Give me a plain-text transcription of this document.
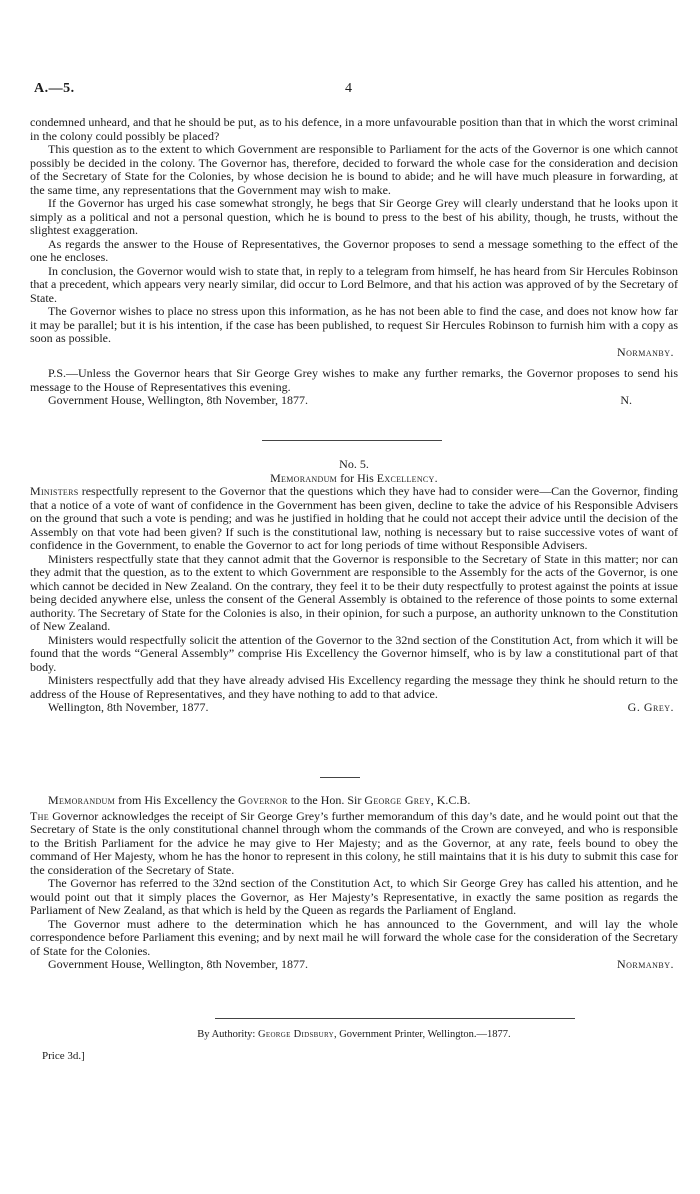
A.—5.	4

condemned unheard, and that he should be put, as to his defence, in a more unfavourable position than that in which the worst criminal in the colony could possibly be placed?

This question as to the extent to which Government are responsible to Parliament for the acts of the Governor is one which cannot possibly be decided in the colony. The Governor has, therefore, decided to forward the whole case for the consideration and decision of the Secretary of State for the Colonies, by whose decision he is bound to abide; and he will have much pleasure in forwarding, at the same time, any representations that the Government may wish to make.

If the Governor has urged his case somewhat strongly, he begs that Sir George Grey will clearly understand that he looks upon it simply as a political and not a personal question, which he is bound to press to the best of his ability, though, he trusts, without the slightest exaggeration.

As regards the answer to the House of Representatives, the Governor proposes to send a message something to the effect of the one he encloses.

In conclusion, the Governor would wish to state that, in reply to a telegram from himself, he has heard from Sir Hercules Robinson that a precedent, which appears very nearly similar, did occur to Lord Belmore, and that his action was approved of by the Secretary of State.

The Governor wishes to place no stress upon this information, as he has not been able to find the case, and does not know how far it may be parallel; but it is his intention, if the case has been published, to request Sir Hercules Robinson to furnish him with a copy as soon as possible.

Normanby.

P.S.—Unless the Governor hears that Sir George Grey wishes to make any further remarks, the Governor proposes to send his message to the House of Representatives this evening.

Government House, Wellington, 8th November, 1877.	N.

No. 5.

Memorandum for His Excellency.

Ministers respectfully represent to the Governor that the questions which they have had to consider were—Can the Governor, finding that a notice of a vote of want of confidence in the Government has been given, decline to take the advice of his Responsible Advisers on the ground that such a vote is pending; and was he justified in holding that he could not accept their advice until the decision of the Assembly on that vote had been given? If such is the constitutional law, nothing is necessary but to raise successive votes of want of confidence in the Government, to enable the Governor to act for long periods of time without Responsible Advisers.

Ministers respectfully state that they cannot admit that the Governor is responsible to the Secretary of State in this matter; nor can they admit that the question, as to the extent to which Government are responsible to the Assembly for the acts of the Governor, is one which cannot be decided in New Zealand. On the contrary, they feel it to be their duty respectfully to protest against the points at issue being decided anywhere else, unless the consent of the General Assembly is obtained to the reference of those points to some external authority. The Secretary of State for the Colonies is also, in their opinion, for such a purpose, an authority unknown to the Constitution of New Zealand.

Ministers would respectfully solicit the attention of the Governor to the 32nd section of the Constitution Act, from which it will be found that the words “General Assembly” comprise His Excellency the Governor himself, who is by law a constitutional part of that body.

Ministers respectfully add that they have already advised His Excellency regarding the message they think he should return to the address of the House of Representatives, and they have nothing to add to that advice.

Wellington, 8th November, 1877.	G. Grey.

Memorandum from His Excellency the Governor to the Hon. Sir George Grey, K.C.B.

The Governor acknowledges the receipt of Sir George Grey’s further memorandum of this day’s date, and he would point out that the Secretary of State is the only constitutional channel through whom the commands of the Crown are conveyed, and who is responsible to the British Parliament for the advice he may give to Her Majesty; and as the Governor, at any rate, feels bound to obey the command of Her Majesty, whom he has the honor to represent in this colony, he still maintains that it is his duty to submit this case for the consideration of the Secretary of State.

The Governor has referred to the 32nd section of the Constitution Act, to which Sir George Grey has called his attention, and he would point out that it simply places the Governor, as Her Majesty’s Representative, in exactly the same position as regards the Parliament of New Zealand, as that which is held by the Queen as regards the Parliament of England.

The Governor must adhere to the determination which he has announced to the Government, and will lay the whole correspondence before Parliament this evening; and by next mail he will forward the whole case for the consideration of the Secretary of State for the Colonies.

Government House, Wellington, 8th November, 1877.	Normanby.

By Authority: George Didsbury, Government Printer, Wellington.—1877.

Price 3d.]
